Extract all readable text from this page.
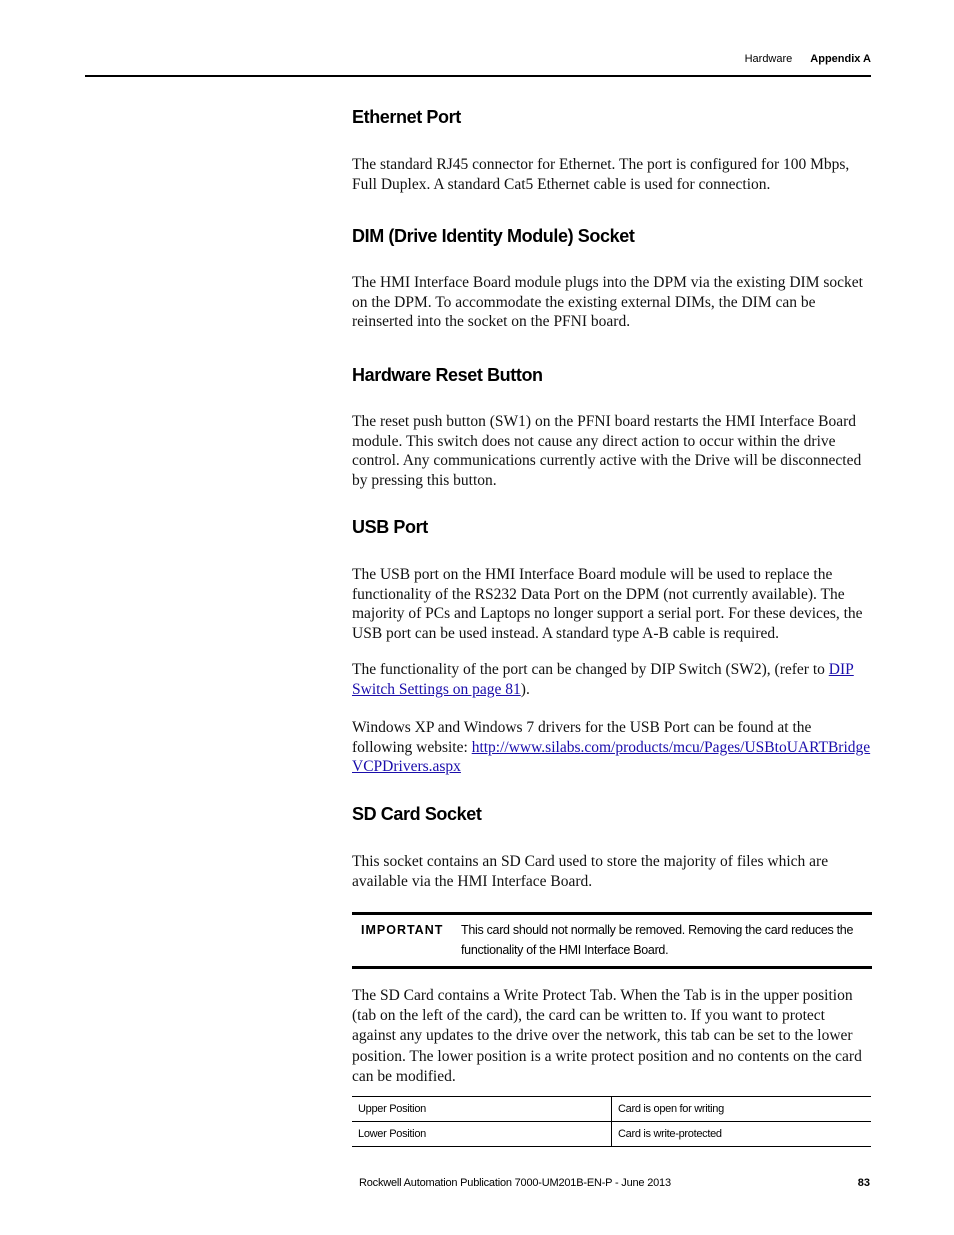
Hardware Appendix A
Ethernet Port

The standard RJ45 connector for Ethernet. The port is configured for 100 Mbps, Full Duplex. A standard Cat5 Ethernet cable is used for connection.

DIM (Drive Identity Module) Socket

The HMI Interface Board module plugs into the DPM via the existing DIM socket on the DPM. To accommodate the existing external DIMs, the DIM can be reinserted into the socket on the PFNI board.

Hardware Reset Button

The reset push button (SW1) on the PFNI board restarts the HMI Interface Board module. This switch does not cause any direct action to occur within the drive control. Any communications currently active with the Drive will be disconnected by pressing this button.

USB Port

The USB port on the HMI Interface Board module will be used to replace the functionality of the RS232 Data Port on the DPM (not currently available). The majority of PCs and Laptops no longer support a serial port. For these devices, the USB port can be used instead. A standard type A-B cable is required.

The functionality of the port can be changed by DIP Switch (SW2), (refer to DIP Switch Settings on page 81).

Windows XP and Windows 7 drivers for the USB Port can be found at the following website: http://www.silabs.com/products/mcu/Pages/USBtoUARTBridgeVCPDrivers.aspx

SD Card Socket

This socket contains an SD Card used to store the majority of files which are available via the HMI Interface Board.

IMPORTANT This card should not normally be removed. Removing the card reduces the functionality of the HMI Interface Board.

The SD Card contains a Write Protect Tab. When the Tab is in the upper position (tab on the left of the card), the card can be written to. If you want to protect against any updates to the drive over the network, this tab can be set to the lower position. The lower position is a write protect position and no contents on the card can be modified.

Upper Position	Card is open for writing
Lower Position	Card is write-protected
Rockwell Automation Publication 7000-UM201B-EN-P - June 2013	83
